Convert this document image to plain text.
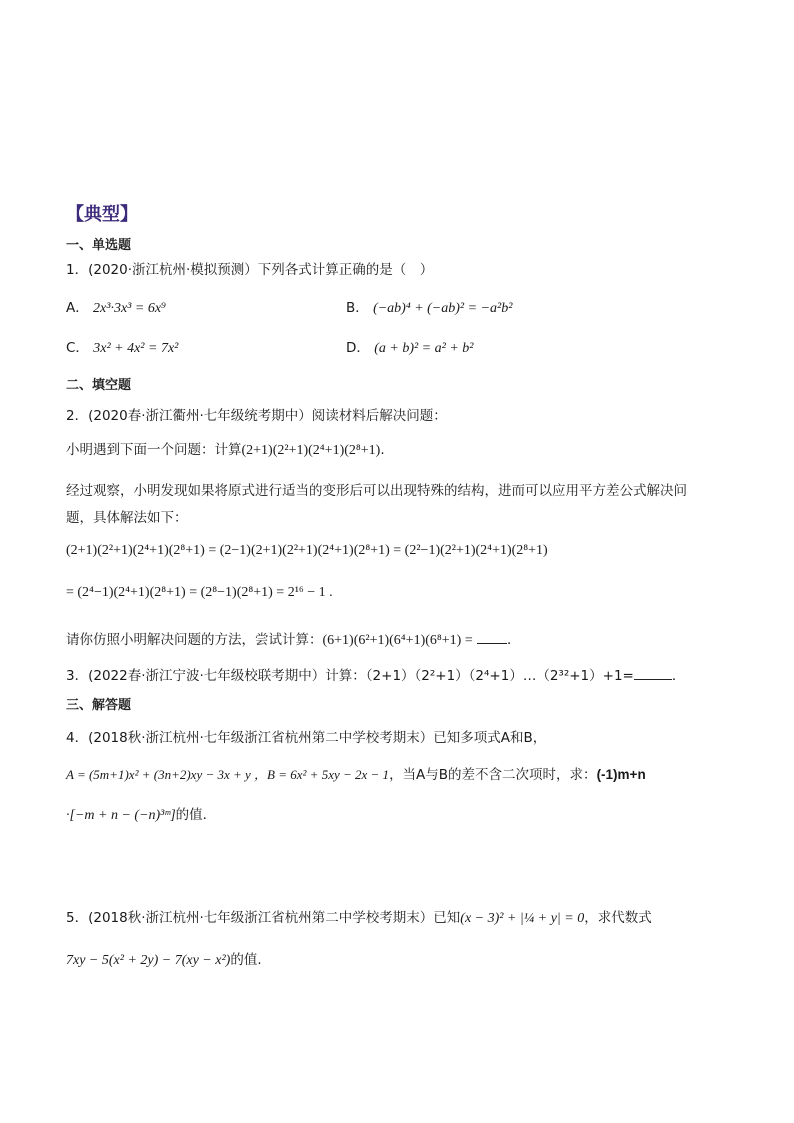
【典型】
一、单选题
1．(2020·浙江杭州·模拟预测）下列各式计算正确的是（　）
A． 2x³·3x³ = 6x⁹	B． (−ab)⁴ + (−ab)² = −a²b²
C． 3x² + 4x² = 7x²	D． (a + b)² = a² + b²
二、填空题
2．(2020春·浙江衢州·七年级统考期中）阅读材料后解决问题：
小明遇到下面一个问题：计算(2+1)(2²+1)(2⁴+1)(2⁸+1).
经过观察，小明发现如果将原式进行适当的变形后可以出现特殊的结构，进而可以应用平方差公式解决问
题，具体解法如下：
(2+1)(2²+1)(2⁴+1)(2⁸+1) = (2−1)(2+1)(2²+1)(2⁴+1)(2⁸+1) = (2²−1)(2²+1)(2⁴+1)(2⁸+1)
= (2⁴−1)(2⁴+1)(2⁸+1) = (2⁸−1)(2⁸+1) = 2¹⁶ − 1 .
请你仿照小明解决问题的方法，尝试计算：(6+1)(6²+1)(6⁴+1)(6⁸+1) =	．
3．(2022春·浙江宁波·七年级校联考期中）计算：（2+1）（2²+1）（2⁴+1）…（2³²+1）+1=	．
三、解答题
4．(2018秋·浙江杭州·七年级浙江省杭州第二中学校考期末）已知多项式A和B，
A = (5m+1)x² + (3n+2)xy − 3x + y ，B = 6x² + 5xy − 2x − 1，当A与B的差不含二次项时，求：(-1)m+n
·[−m + n − (−n)³ᵐ]的值．
5．(2018秋·浙江杭州·七年级浙江省杭州第二中学校考期末）已知(x − 3)² + |¼ + y| = 0，求代数式
7xy − 5(x² + 2y) − 7(xy − x²)的值.
